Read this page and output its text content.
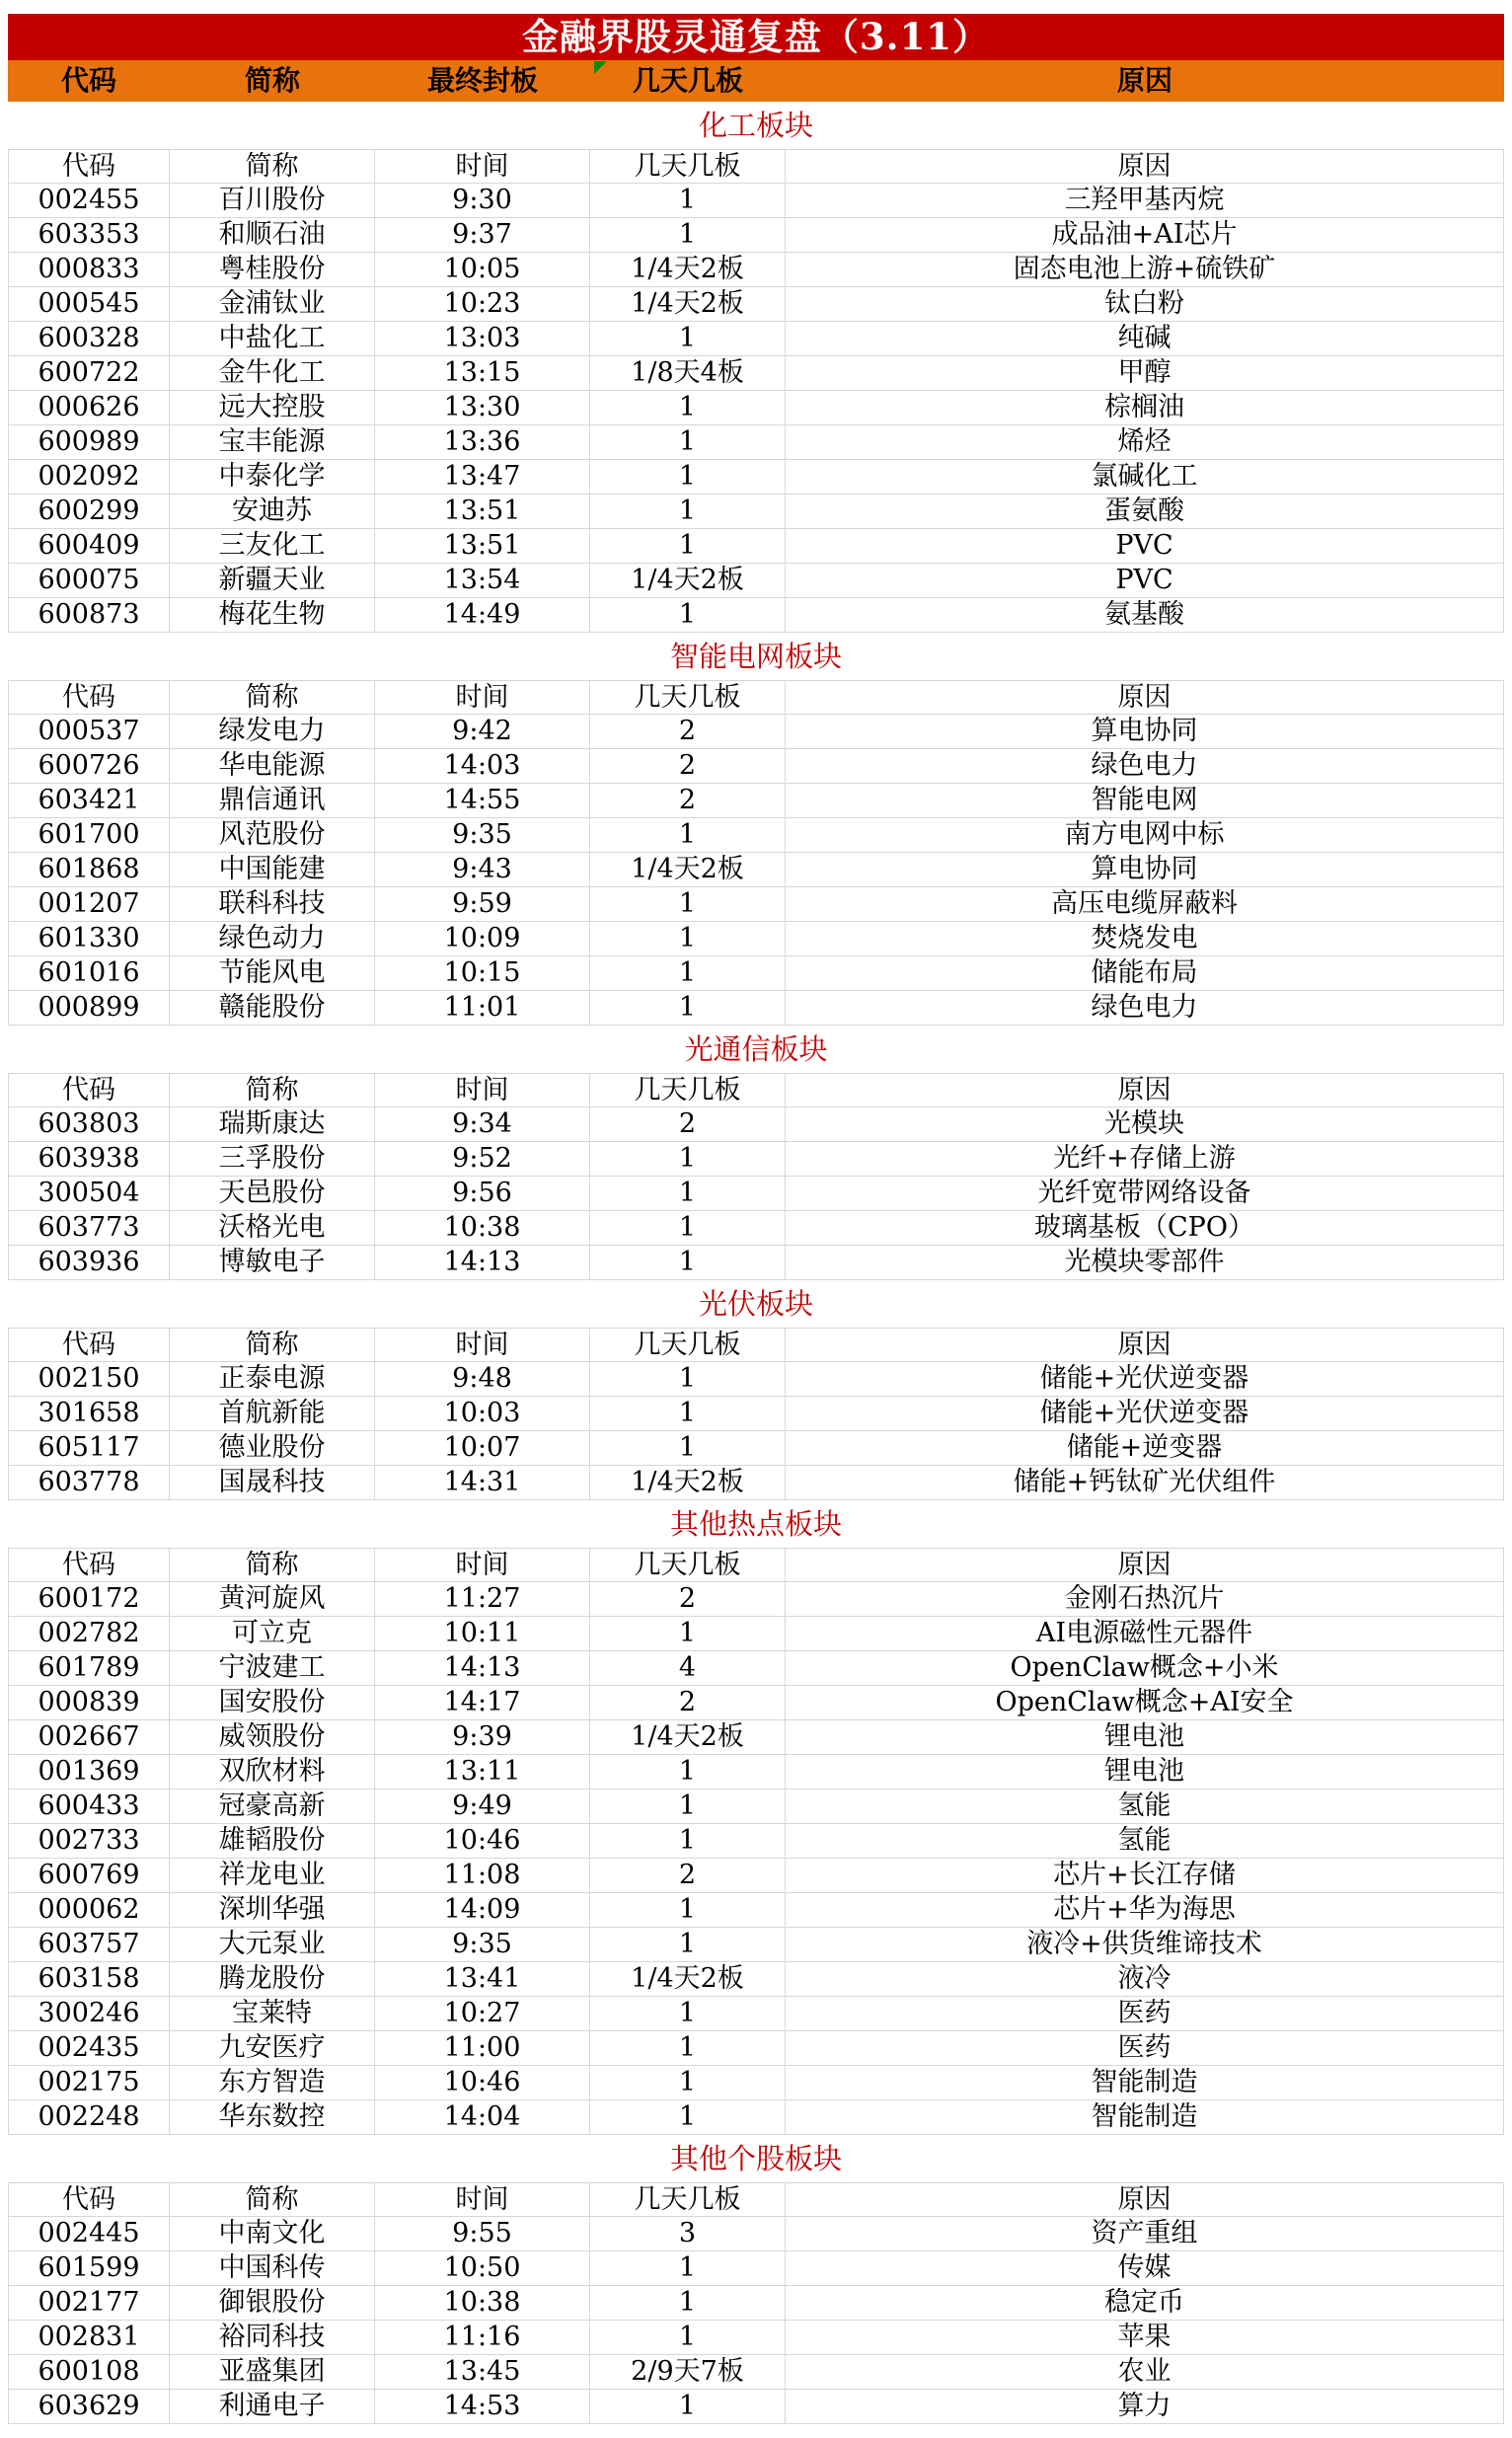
金融界股灵通复盘（3.11）
代码	简称	最终封板	几天几板	原因
化工板块
代码	简称	时间	几天几板	原因
002455	百川股份	9:30	1	三羟甲基丙烷
603353	和顺石油	9:37	1	成品油+AI芯片
000833	粤桂股份	10:05	1/4天2板	固态电池上游+硫铁矿
000545	金浦钛业	10:23	1/4天2板	钛白粉
600328	中盐化工	13:03	1	纯碱
600722	金牛化工	13:15	1/8天4板	甲醇
000626	远大控股	13:30	1	棕榈油
600989	宝丰能源	13:36	1	烯烃
002092	中泰化学	13:47	1	氯碱化工
600299	安迪苏	13:51	1	蛋氨酸
600409	三友化工	13:51	1	PVC
600075	新疆天业	13:54	1/4天2板	PVC
600873	梅花生物	14:49	1	氨基酸
智能电网板块
代码	简称	时间	几天几板	原因
000537	绿发电力	9:42	2	算电协同
600726	华电能源	14:03	2	绿色电力
603421	鼎信通讯	14:55	2	智能电网
601700	风范股份	9:35	1	南方电网中标
601868	中国能建	9:43	1/4天2板	算电协同
001207	联科科技	9:59	1	高压电缆屏蔽料
601330	绿色动力	10:09	1	焚烧发电
601016	节能风电	10:15	1	储能布局
000899	赣能股份	11:01	1	绿色电力
光通信板块
代码	简称	时间	几天几板	原因
603803	瑞斯康达	9:34	2	光模块
603938	三孚股份	9:52	1	光纤+存储上游
300504	天邑股份	9:56	1	光纤宽带网络设备
603773	沃格光电	10:38	1	玻璃基板（CPO）
603936	博敏电子	14:13	1	光模块零部件
光伏板块
代码	简称	时间	几天几板	原因
002150	正泰电源	9:48	1	储能+光伏逆变器
301658	首航新能	10:03	1	储能+光伏逆变器
605117	德业股份	10:07	1	储能+逆变器
603778	国晟科技	14:31	1/4天2板	储能+钙钛矿光伏组件
其他热点板块
代码	简称	时间	几天几板	原因
600172	黄河旋风	11:27	2	金刚石热沉片
002782	可立克	10:11	1	AI电源磁性元器件
601789	宁波建工	14:13	4	OpenClaw概念+小米
000839	国安股份	14:17	2	OpenClaw概念+AI安全
002667	威领股份	9:39	1/4天2板	锂电池
001369	双欣材料	13:11	1	锂电池
600433	冠豪高新	9:49	1	氢能
002733	雄韬股份	10:46	1	氢能
600769	祥龙电业	11:08	2	芯片+长江存储
000062	深圳华强	14:09	1	芯片+华为海思
603757	大元泵业	9:35	1	液冷+供货维谛技术
603158	腾龙股份	13:41	1/4天2板	液冷
300246	宝莱特	10:27	1	医药
002435	九安医疗	11:00	1	医药
002175	东方智造	10:46	1	智能制造
002248	华东数控	14:04	1	智能制造
其他个股板块
代码	简称	时间	几天几板	原因
002445	中南文化	9:55	3	资产重组
601599	中国科传	10:50	1	传媒
002177	御银股份	10:38	1	稳定币
002831	裕同科技	11:16	1	苹果
600108	亚盛集团	13:45	2/9天7板	农业
603629	利通电子	14:53	1	算力
